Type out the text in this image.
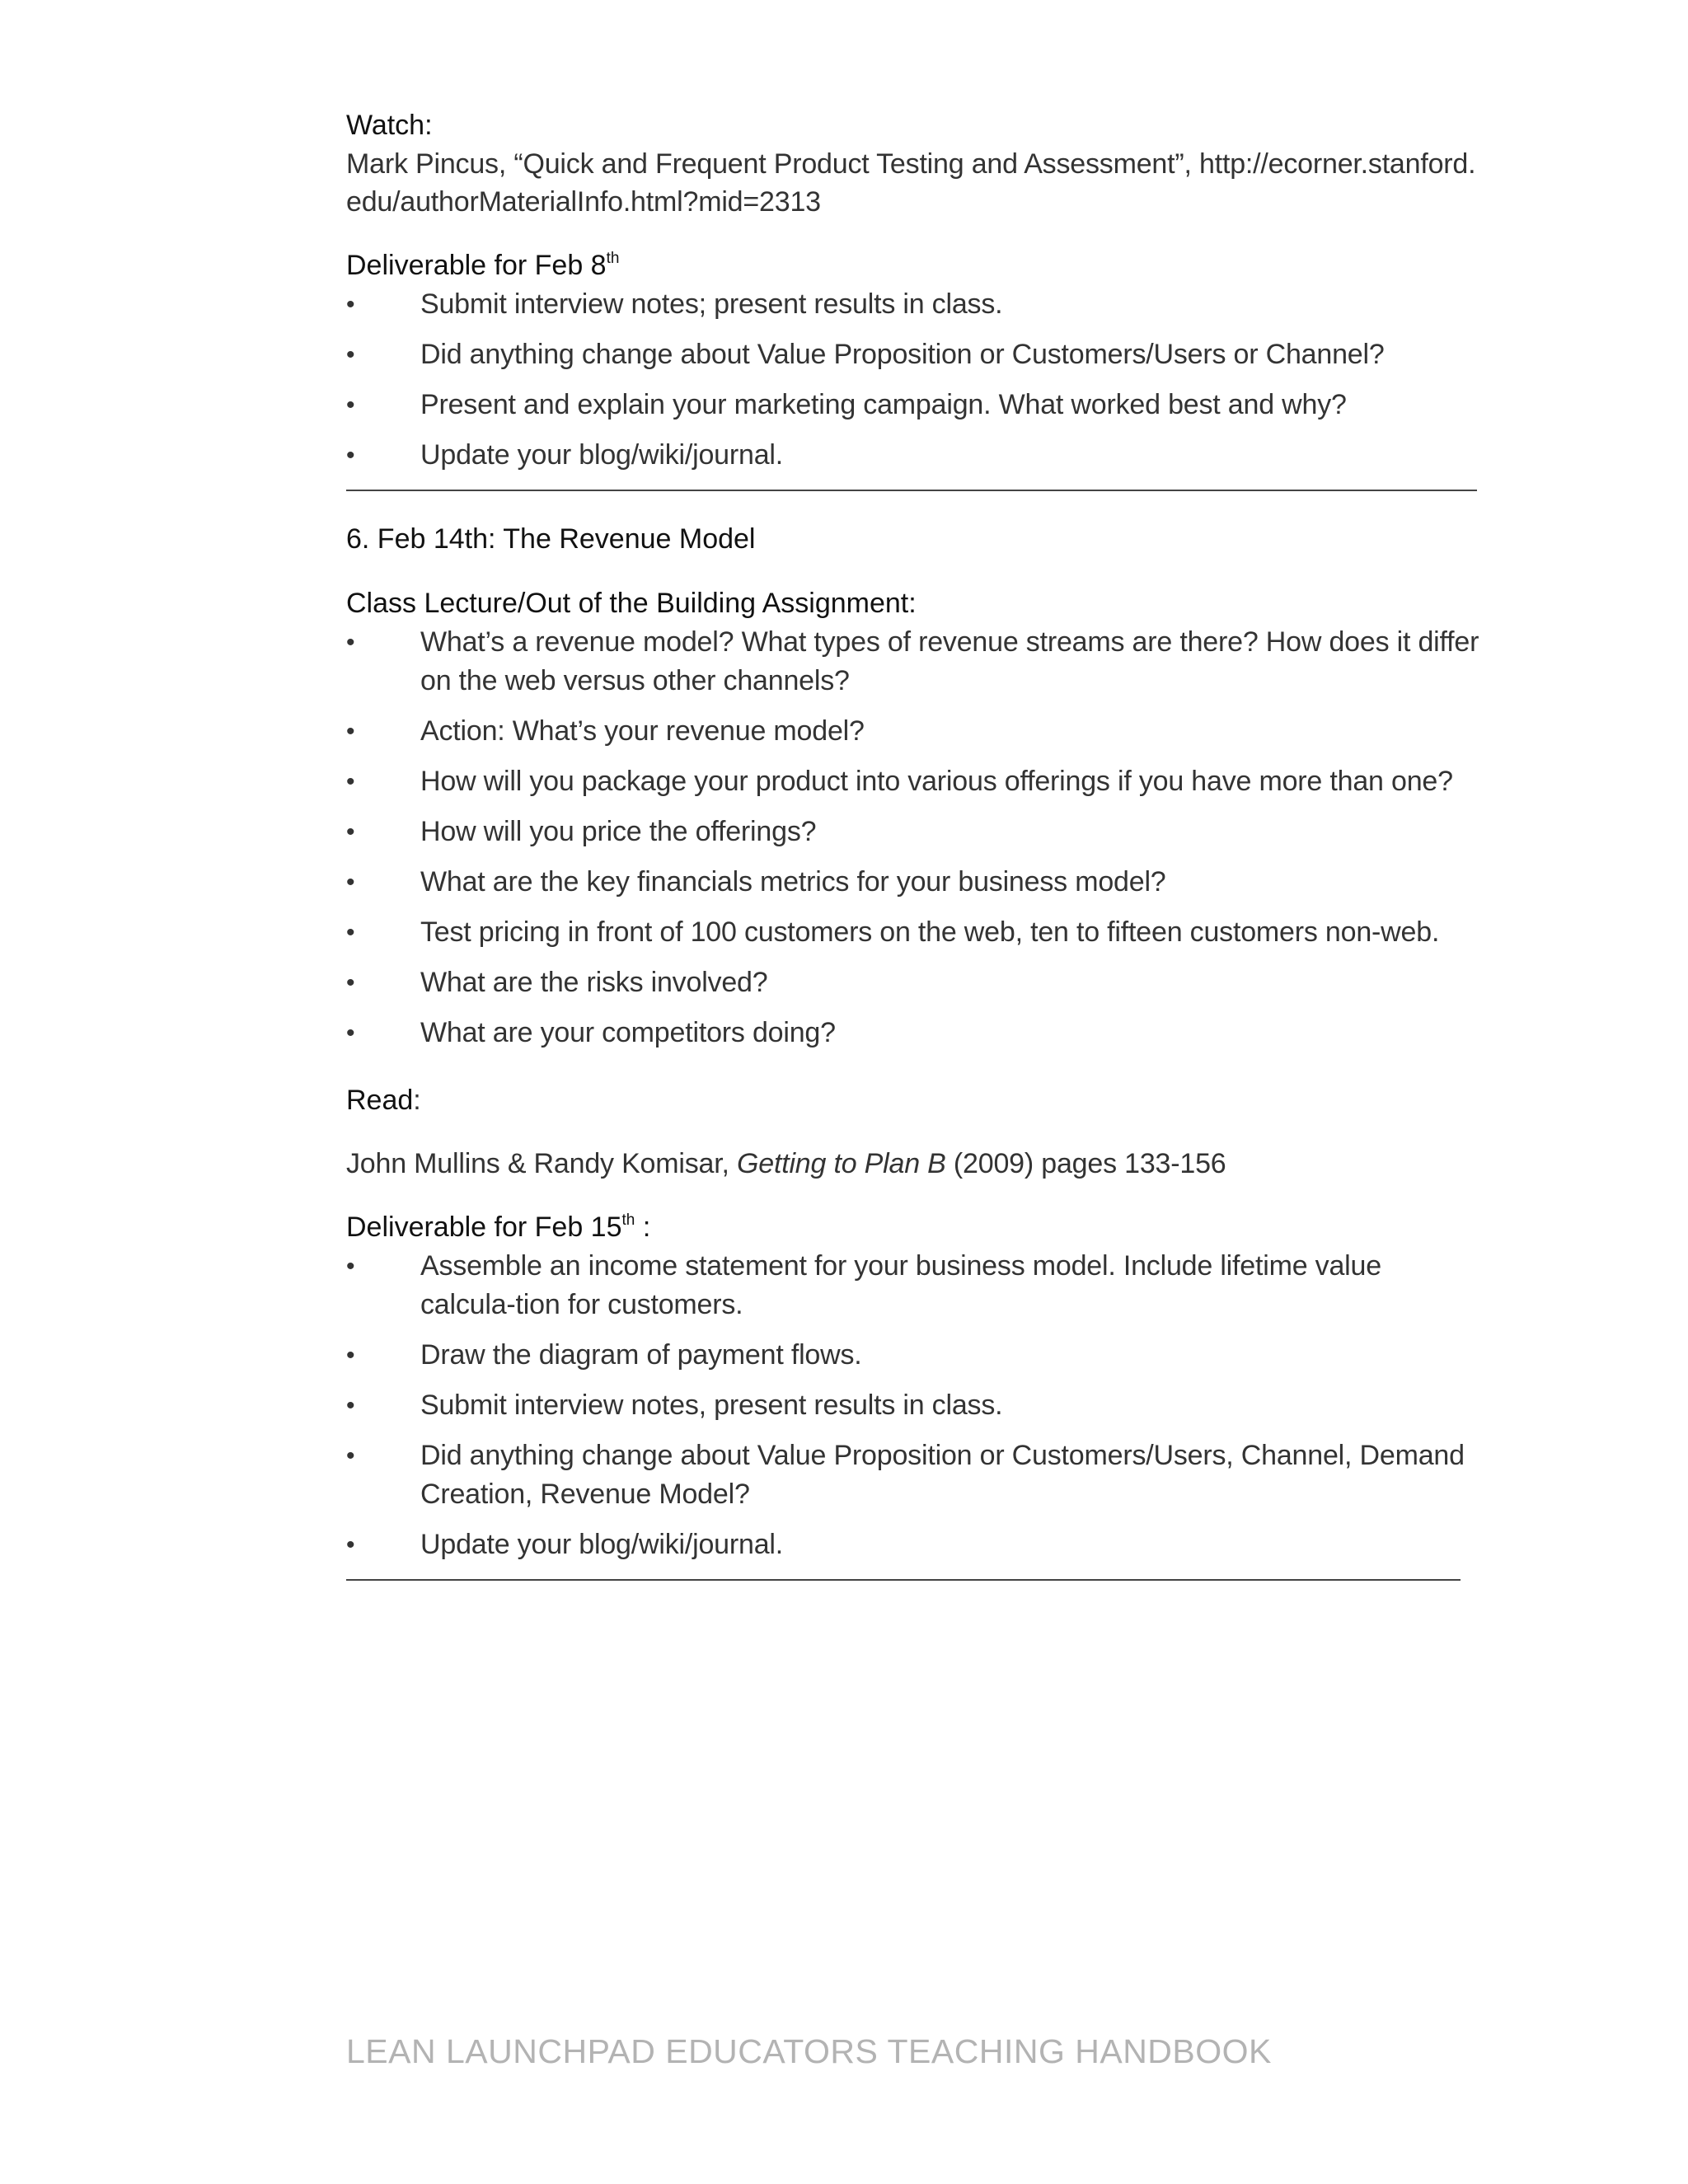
Watch:
Mark Pincus, “Quick and Frequent Product Testing and Assessment”, http://ecorner.stanford.
edu/authorMaterialInfo.html?mid=2313
Deliverable for Feb 8th
• Submit interview notes; present results in class.
• Did anything change about Value Proposition or Customers/Users or Channel?
• Present and explain your marketing campaign. What worked best and why?
• Update your blog/wiki/journal.
6. Feb 14th: The Revenue Model
Class Lecture/Out of the Building Assignment:
• What’s a revenue model? What types of revenue streams are there? How does it differ on the web versus other channels?
• Action: What’s your revenue model?
• How will you package your product into various offerings if you have more than one?
• How will you price the offerings?
• What are the key financials metrics for your business model?
• Test pricing in front of 100 customers on the web, ten to fifteen customers non-web.
• What are the risks involved?
• What are your competitors doing?
Read:
John Mullins & Randy Komisar, Getting to Plan B (2009) pages 133-156
Deliverable for Feb 15th :
• Assemble an income statement for your business model. Include lifetime value calcula-tion for customers.
• Draw the diagram of payment flows.
• Submit interview notes, present results in class.
• Did anything change about Value Proposition or Customers/Users, Channel, Demand Creation, Revenue Model?
• Update your blog/wiki/journal.
LEAN LAUNCHPAD EDUCATORS TEACHING HANDBOOK
